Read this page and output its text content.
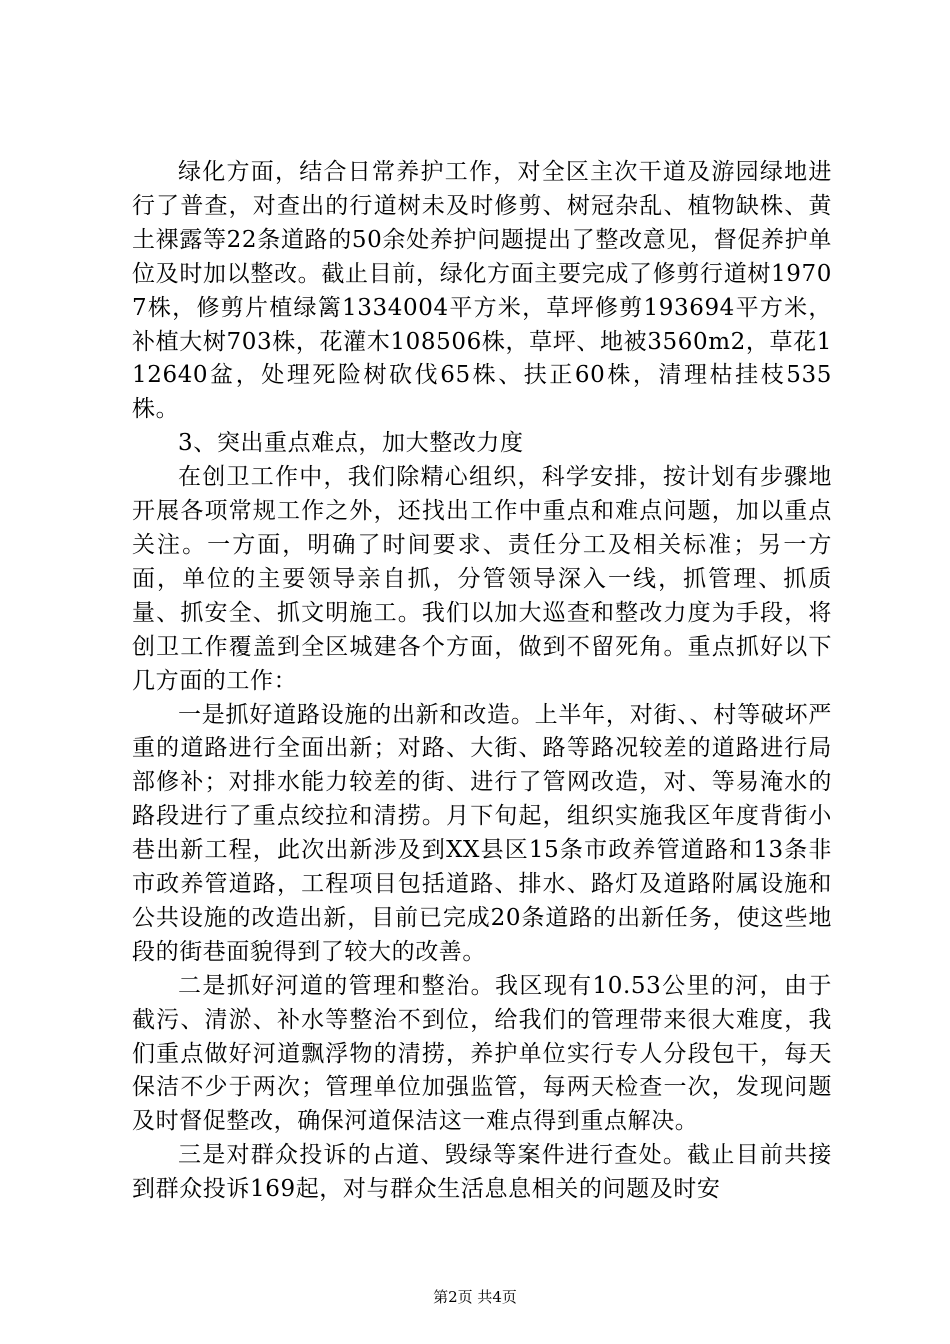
绿化方面，结合日常养护工作，对全区主次干道及游园绿地进行了普查，对查出的行道树未及时修剪、树冠杂乱、植物缺株、黄土裸露等22条道路的50余处养护问题提出了整改意见，督促养护单位及时加以整改。截止目前，绿化方面主要完成了修剪行道树19707株，修剪片植绿篱1334004平方米，草坪修剪193694平方米，补植大树703株，花灌木108506株，草坪、地被3560m2，草花112640盆，处理死险树砍伐65株、扶正60株，清理枯挂枝535株。

3、突出重点难点，加大整改力度

在创卫工作中，我们除精心组织，科学安排，按计划有步骤地开展各项常规工作之外，还找出工作中重点和难点问题，加以重点关注。一方面，明确了时间要求、责任分工及相关标准；另一方面，单位的主要领导亲自抓，分管领导深入一线，抓管理、抓质量、抓安全、抓文明施工。我们以加大巡查和整改力度为手段，将创卫工作覆盖到全区城建各个方面，做到不留死角。重点抓好以下几方面的工作：

一是抓好道路设施的出新和改造。上半年，对街、、村等破坏严重的道路进行全面出新；对路、大街、路等路况较差的道路进行局部修补；对排水能力较差的街、进行了管网改造，对、等易淹水的路段进行了重点绞拉和清捞。月下旬起，组织实施我区年度背街小巷出新工程，此次出新涉及到XX县区15条市政养管道路和13条非市政养管道路，工程项目包括道路、排水、路灯及道路附属设施和公共设施的改造出新，目前已完成20条道路的出新任务，使这些地段的街巷面貌得到了较大的改善。

二是抓好河道的管理和整治。我区现有10.53公里的河，由于截污、清淤、补水等整治不到位，给我们的管理带来很大难度，我们重点做好河道飘浮物的清捞，养护单位实行专人分段包干，每天保洁不少于两次；管理单位加强监管，每两天检查一次，发现问题及时督促整改，确保河道保洁这一难点得到重点解决。

三是对群众投诉的占道、毁绿等案件进行查处。截止目前共接到群众投诉169起，对与群众生活息息相关的问题及时安

第2页 共4页
